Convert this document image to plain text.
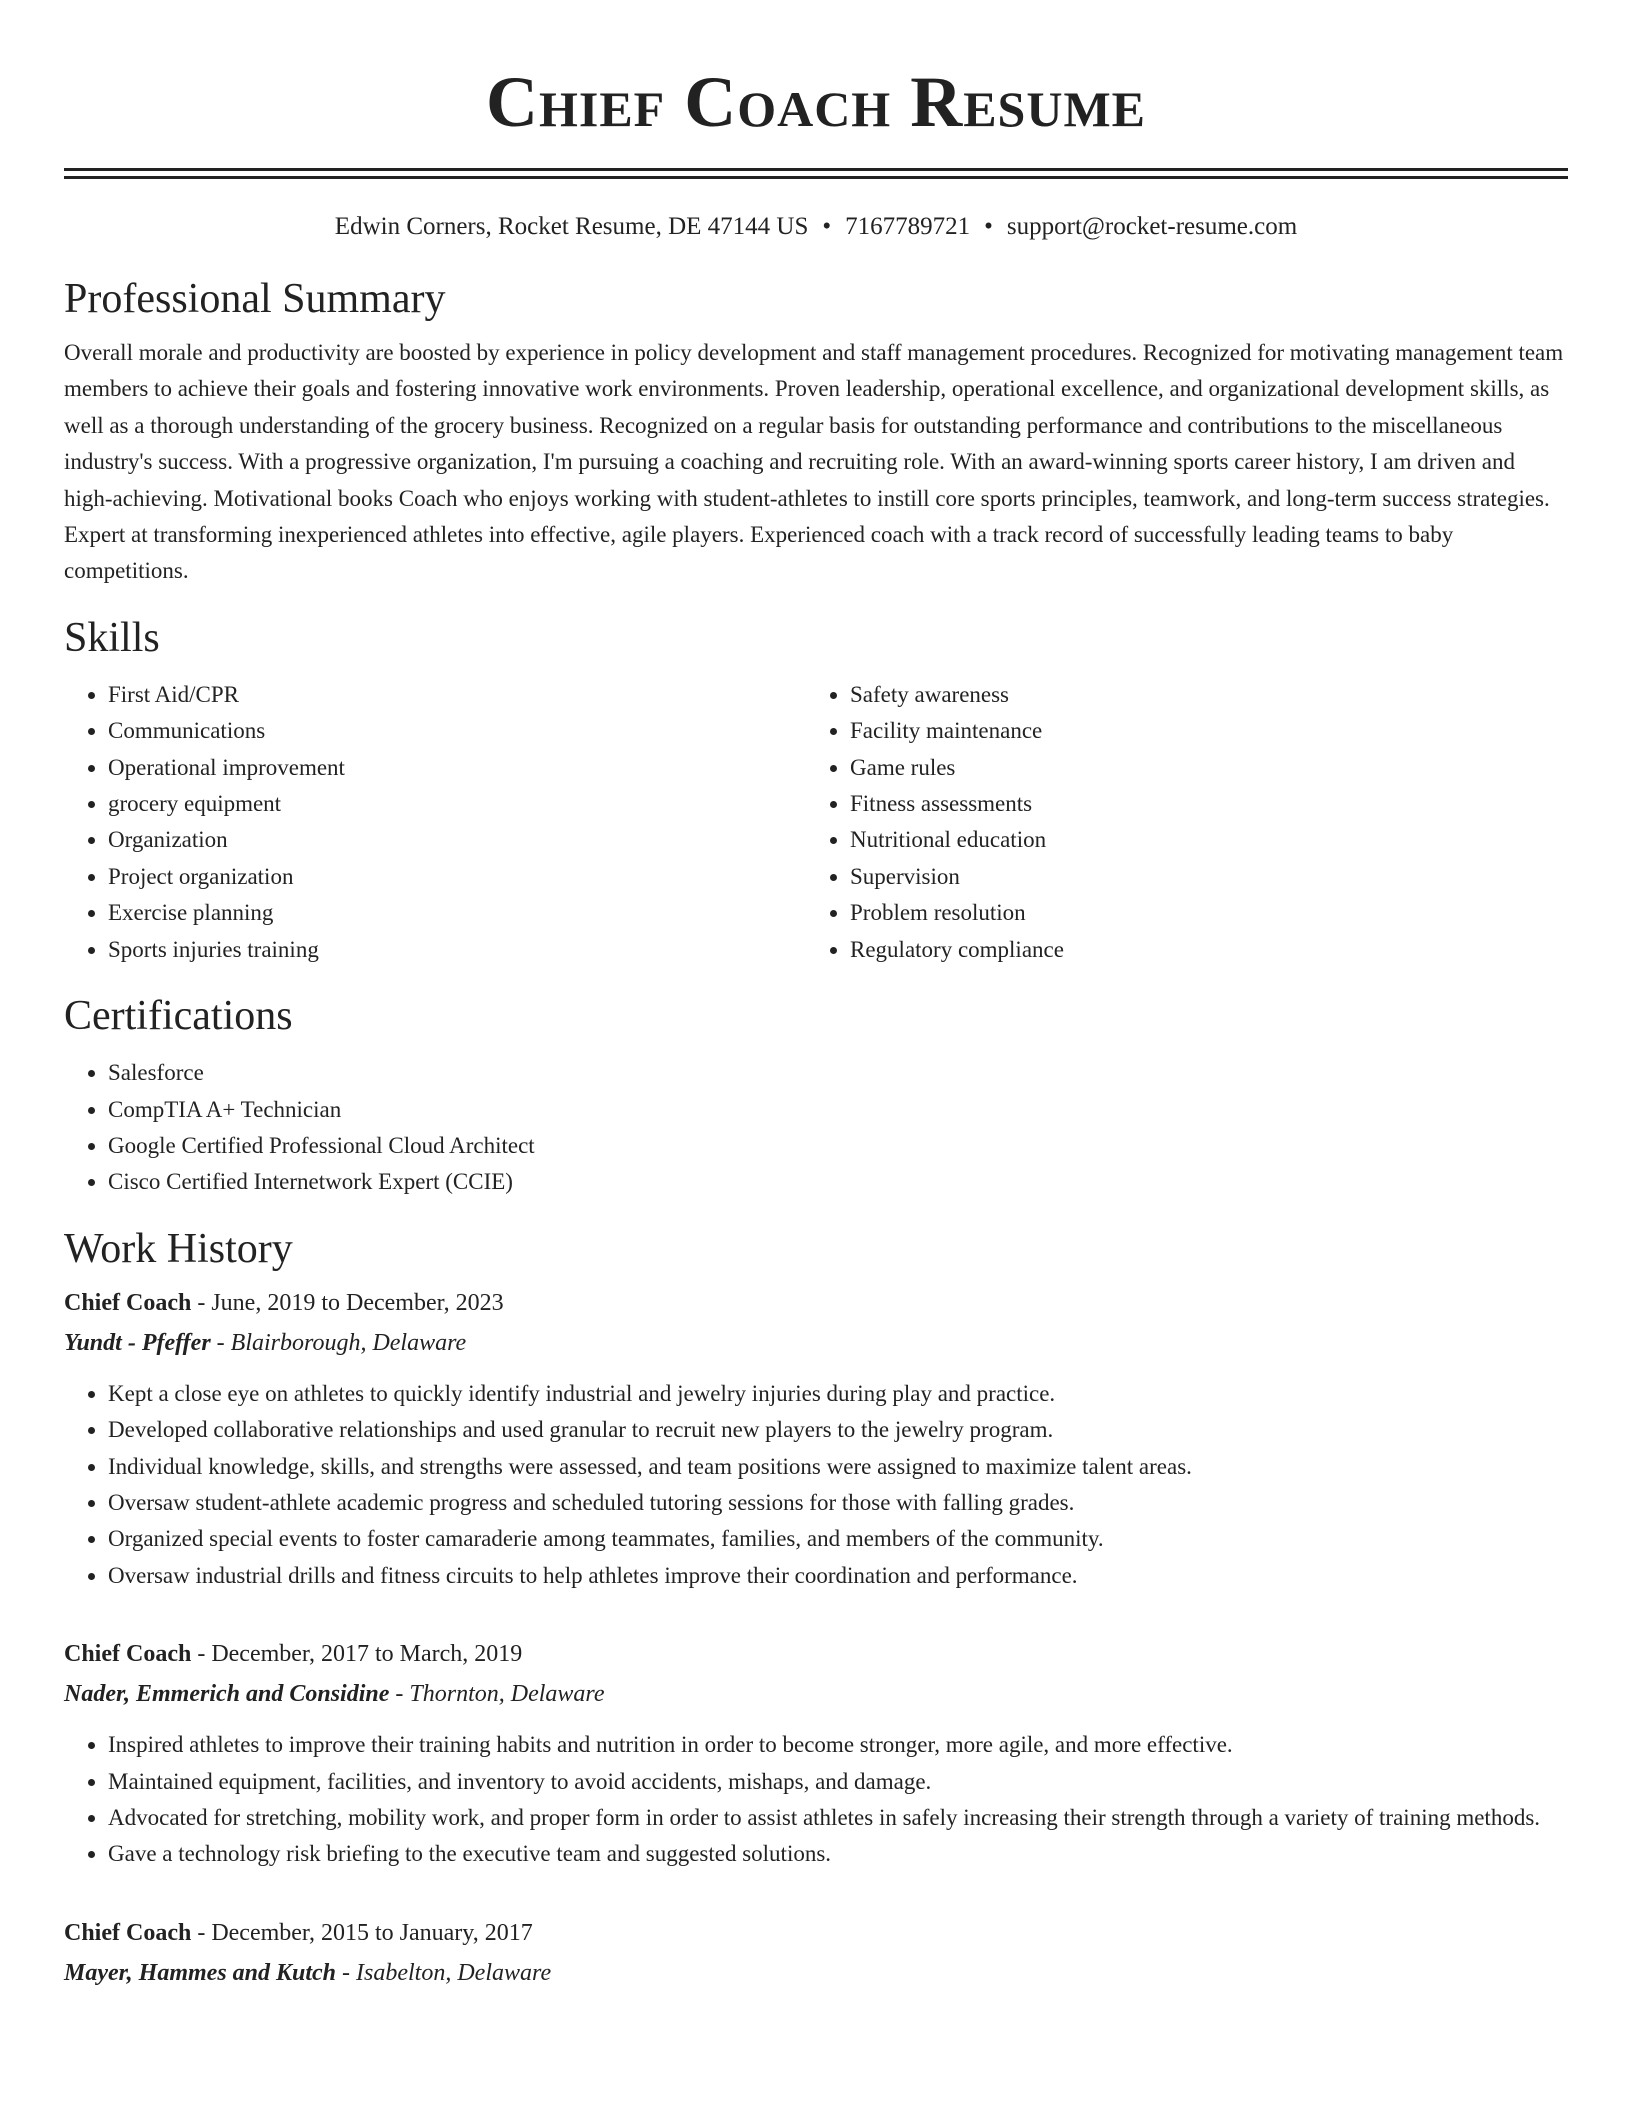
Chief Coach Resume
Edwin Corners, Rocket Resume, DE 47144 US • 7167789721 • support@rocket-resume.com
Professional Summary
Overall morale and productivity are boosted by experience in policy development and staff management procedures. Recognized for motivating management team members to achieve their goals and fostering innovative work environments. Proven leadership, operational excellence, and organizational development skills, as well as a thorough understanding of the grocery business. Recognized on a regular basis for outstanding performance and contributions to the miscellaneous industry's success. With a progressive organization, I'm pursuing a coaching and recruiting role. With an award-winning sports career history, I am driven and high-achieving. Motivational books Coach who enjoys working with student-athletes to instill core sports principles, teamwork, and long-term success strategies. Expert at transforming inexperienced athletes into effective, agile players. Experienced coach with a track record of successfully leading teams to baby competitions.
Skills
• First Aid/CPR
• Communications
• Operational improvement
• grocery equipment
• Organization
• Project organization
• Exercise planning
• Sports injuries training
• Safety awareness
• Facility maintenance
• Game rules
• Fitness assessments
• Nutritional education
• Supervision
• Problem resolution
• Regulatory compliance
Certifications
• Salesforce
• CompTIA A+ Technician
• Google Certified Professional Cloud Architect
• Cisco Certified Internetwork Expert (CCIE)
Work History
Chief Coach - June, 2019 to December, 2023
Yundt - Pfeffer - Blairborough, Delaware
• Kept a close eye on athletes to quickly identify industrial and jewelry injuries during play and practice.
• Developed collaborative relationships and used granular to recruit new players to the jewelry program.
• Individual knowledge, skills, and strengths were assessed, and team positions were assigned to maximize talent areas.
• Oversaw student-athlete academic progress and scheduled tutoring sessions for those with falling grades.
• Organized special events to foster camaraderie among teammates, families, and members of the community.
• Oversaw industrial drills and fitness circuits to help athletes improve their coordination and performance.
Chief Coach - December, 2017 to March, 2019
Nader, Emmerich and Considine - Thornton, Delaware
• Inspired athletes to improve their training habits and nutrition in order to become stronger, more agile, and more effective.
• Maintained equipment, facilities, and inventory to avoid accidents, mishaps, and damage.
• Advocated for stretching, mobility work, and proper form in order to assist athletes in safely increasing their strength through a variety of training methods.
• Gave a technology risk briefing to the executive team and suggested solutions.
Chief Coach - December, 2015 to January, 2017
Mayer, Hammes and Kutch - Isabelton, Delaware
